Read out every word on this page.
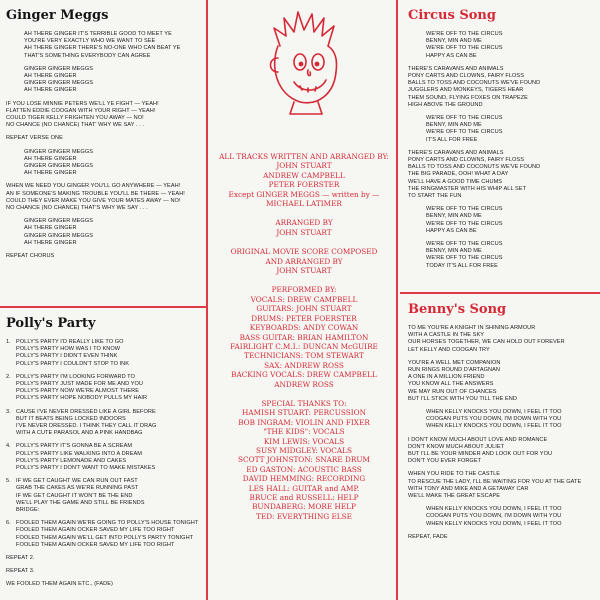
Ginger Meggs
AH THERE GINGER IT'S TERRIBLE GOOD TO MEET YE
YOU'RE VERY EXACTLY WHO WE WANT TO SEE
AH THERE GINGER THERE'S NO-ONE WHO CAN BEAT YE
THAT'S SOMETHING EVERYBODY CAN AGREE
GINGER GINGER MEGGS
AH THERE GINGER
GINGER GINGER MEGGS
AH THERE GINGER
IF YOU LOSE MINNIE PETERS WE'LL YE FIGHT — YEAH!
FLATTEN EDDIE COOGAN WITH YOUR RIGHT — YEAH!
COULD TIGER KELLY FRIGHTEN YOU AWAY — NO!
NO CHANCE (NO CHANCE) THAT' WHY WE SAY . . .
REPEAT VERSE ONE
GINGER GINGER MEGGS
AH THERE GINGER
GINGER GINGER MEGGS
AH THERE GINGER
WHEN WE NEED YOU GINGER YOU'LL GO ANYWHERE — YEAH!
AN IF SOMEONE'S MAKING TROUBLE YOU'LL BE THERE — YEAH!
COULD THEY EVER MAKE YOU GIVE YOUR MATES AWAY — NO!
NO CHANCE (NO CHANCE) THAT'S WHY WE SAY . . .
GINGER GINGER MEGGS
AH THERE GINGER
GINGER GINGER MEGGS
AH THERE GINGER
REPEAT CHORUS
Polly's Party
1. POLLY'S PARTY I'D REALLY LIKE TO GO
POLLY'S PARTY HOW WAS I TO KNOW
POLLY'S PARTY I DIDN'T EVEN THINK
POLLY'S PARTY I COULDN'T STOP TO INK
2. POLLY'S PARTY I'M LOOKING FORWARD TO
POLLY'S PARTY JUST MADE FOR ME AND YOU
POLLY'S PARTY NOW WE'RE ALMOST THERE
POLLY'S PARTY HOPE NOBODY PULLS MY HAIR
3. CAUSE I'VE NEVER DRESSED LIKE A GIRL BEFORE
BUT IT BEATS BEING LOCKED INDOORS
I'VE NEVER DRESSED. I THINK THEY CALL IT DRAG
WITH A CUTE PARASOL AND A PINK HANDBAG
4. POLLY'S PARTY IT'S GONNA BE A SCREAM
POLLY'S PARTY LIKE WALKING INTO A DREAM
POLLY'S PARTY LEMONADE AND CAKES
POLLY'S PARTY I DON'T WANT TO MAKE MISTAKES
5. IF WE GET CAUGHT WE CAN RUN OUT FAST
GRAB THE CAKES AS WE'RE RUNNING PAST
IF WE GET CAUGHT IT WON'T BE THE END
WE'LL PLAY THE GAME AND STILL BE FRIENDS
BRIDGE:
6. FOOLED THEM AGAIN WE'RE GOING TO POLLY'S HOUSE TONIGHT
FOOLED THEM AGAIN OCKER SAVED MY LIFE TOO RIGHT
FOOLED THEM AGAIN WE'LL GET INTO POLLY'S PARTY TONIGHT
FOOLED THEM AGAIN OCKER SAVED MY LIFE TOO RIGHT
REPEAT 2.
REPEAT 3.
WE FOOLED THEM AGAIN ETC., (FADE)
ALL TRACKS WRITTEN AND ARRANGED BY:
JOHN STUART
ANDREW CAMPBELL
PETER FOERSTER
Except GINGER MEGGS — written by —
MICHAEL LATIMER
ARRANGED BY
JOHN STUART
ORIGINAL MOVIE SCORE COMPOSED
AND ARRANGED BY
JOHN STUART
PERFORMED BY:
VOCALS: DREW CAMPBELL
GUITARS: JOHN STUART
DRUMS: PETER FOERSTER
KEYBOARDS: ANDY COWAN
BASS GUITAR: BRIAN HAMILTON
FAIRLIGHT C.M.I.: DUNCAN McGUIRE
TECHNICIANS: TOM STEWART
SAX: ANDREW ROSS
BACKING VOCALS: DREW CAMPBELL
ANDREW ROSS
SPECIAL THANKS TO:
HAMISH STUART: PERCUSSION
BOB INGRAM: VIOLIN AND FIXER
"THE KIDS": VOCALS
KIM LEWIS: VOCALS
SUSY MIDGLEY: VOCALS
SCOTT JOHNSTON: SNARE DRUM
ED GASTON: ACOUSTIC BASS
DAVID HEMMING: RECORDING
LES HALL: GUITAR and AMP.
BRUCE and RUSSELL: HELP
BUNDABERG: MORE HELP
TED: EVERYTHING ELSE
Circus Song
WE'RE OFF TO THE CIRCUS
BENNY, MIN AND ME
WE'RE OFF TO THE CIRCUS
HAPPY AS CAN BE
THERE'S CARAVANS AND ANIMALS
PONY CARTS AND CLOWNS, FAIRY FLOSS
BALLS TO TOSS AND COCONUTS WE'VE FOUND
JUGGLERS AND MONKEYS, TIGERS HEAR
THEM SOUND, FLYING FOXES ON TRAPEZE
HIGH ABOVE THE GROUND
WE'RE OFF TO THE CIRCUS
BENNY, MIN AND ME
WE'RE OFF TO THE CIRCUS
IT'S ALL FOR FREE
THERE'S CARAVANS AND ANIMALS
PONY CARTS AND CLOWNS, FAIRY FLOSS
BALLS TO TOSS AND COCONUTS WE'VE FOUND
THE BIG PARADE, OOH! WHAT A DAY
WE'LL HAVE A GOOD TIME CHUMS
THE RINGMASTER WITH HIS WHIP ALL SET
TO START THE FUN
WE'RE OFF TO THE CIRCUS
BENNY, MIN AND ME
WE'RE OFF TO THE CIRCUS
HAPPY AS CAN BE
WE'RE OFF TO THE CIRCUS
BENNY, MIN AND ME
WE'RE OFF TO THE CIRCUS
TODAY IT'S ALL FOR FREE
Benny's Song
TO ME YOU'RE A KNIGHT IN SHINING ARMOUR
WITH A CASTLE IN THE SKY
OUR HORSES TOGETHER, WE CAN HOLD OUT FOREVER
LET KELLY AND COOGAN TRY
YOU'RE A WELL MET COMPANION
RUN RINGS ROUND D'ARTAGNAN
A ONE IN A MILLION FRIEND
YOU KNOW ALL THE ANSWERS
WE MAY RUN OUT OF CHANCES
BUT I'LL STICK WITH YOU TILL THE END
WHEN KELLY KNOCKS YOU DOWN, I FEEL IT TOO
COOGAN PUTS YOU DOWN, I'M DOWN WITH YOU
WHEN KELLY KNOCKS YOU DOWN, I FEEL IT TOO
I DON'T KNOW MUCH ABOUT LOVE AND ROMANCE
DON'T KNOW MUCH ABOUT JULIET
BUT I'LL BE YOUR MINDER AND LOOK OUT FOR YOU
DON'T YOU EVER FORGET
WHEN YOU RIDE TO THE CASTLE
TO RESCUE THE LADY, I'LL BE WAITING FOR YOU AT THE GATE
WITH TONY AND MIKE AND A GETAWAY CAR
WE'LL MAKE THE GREAT ESCAPE
WHEN KELLY KNOCKS YOU DOWN, I FEEL IT TOO
COOGAN PUTS YOU DOWN, I'M DOWN WITH YOU
WHEN KELLY KNOCKS YOU DOWN, I FEEL IT TOO
REPEAT, FADE
